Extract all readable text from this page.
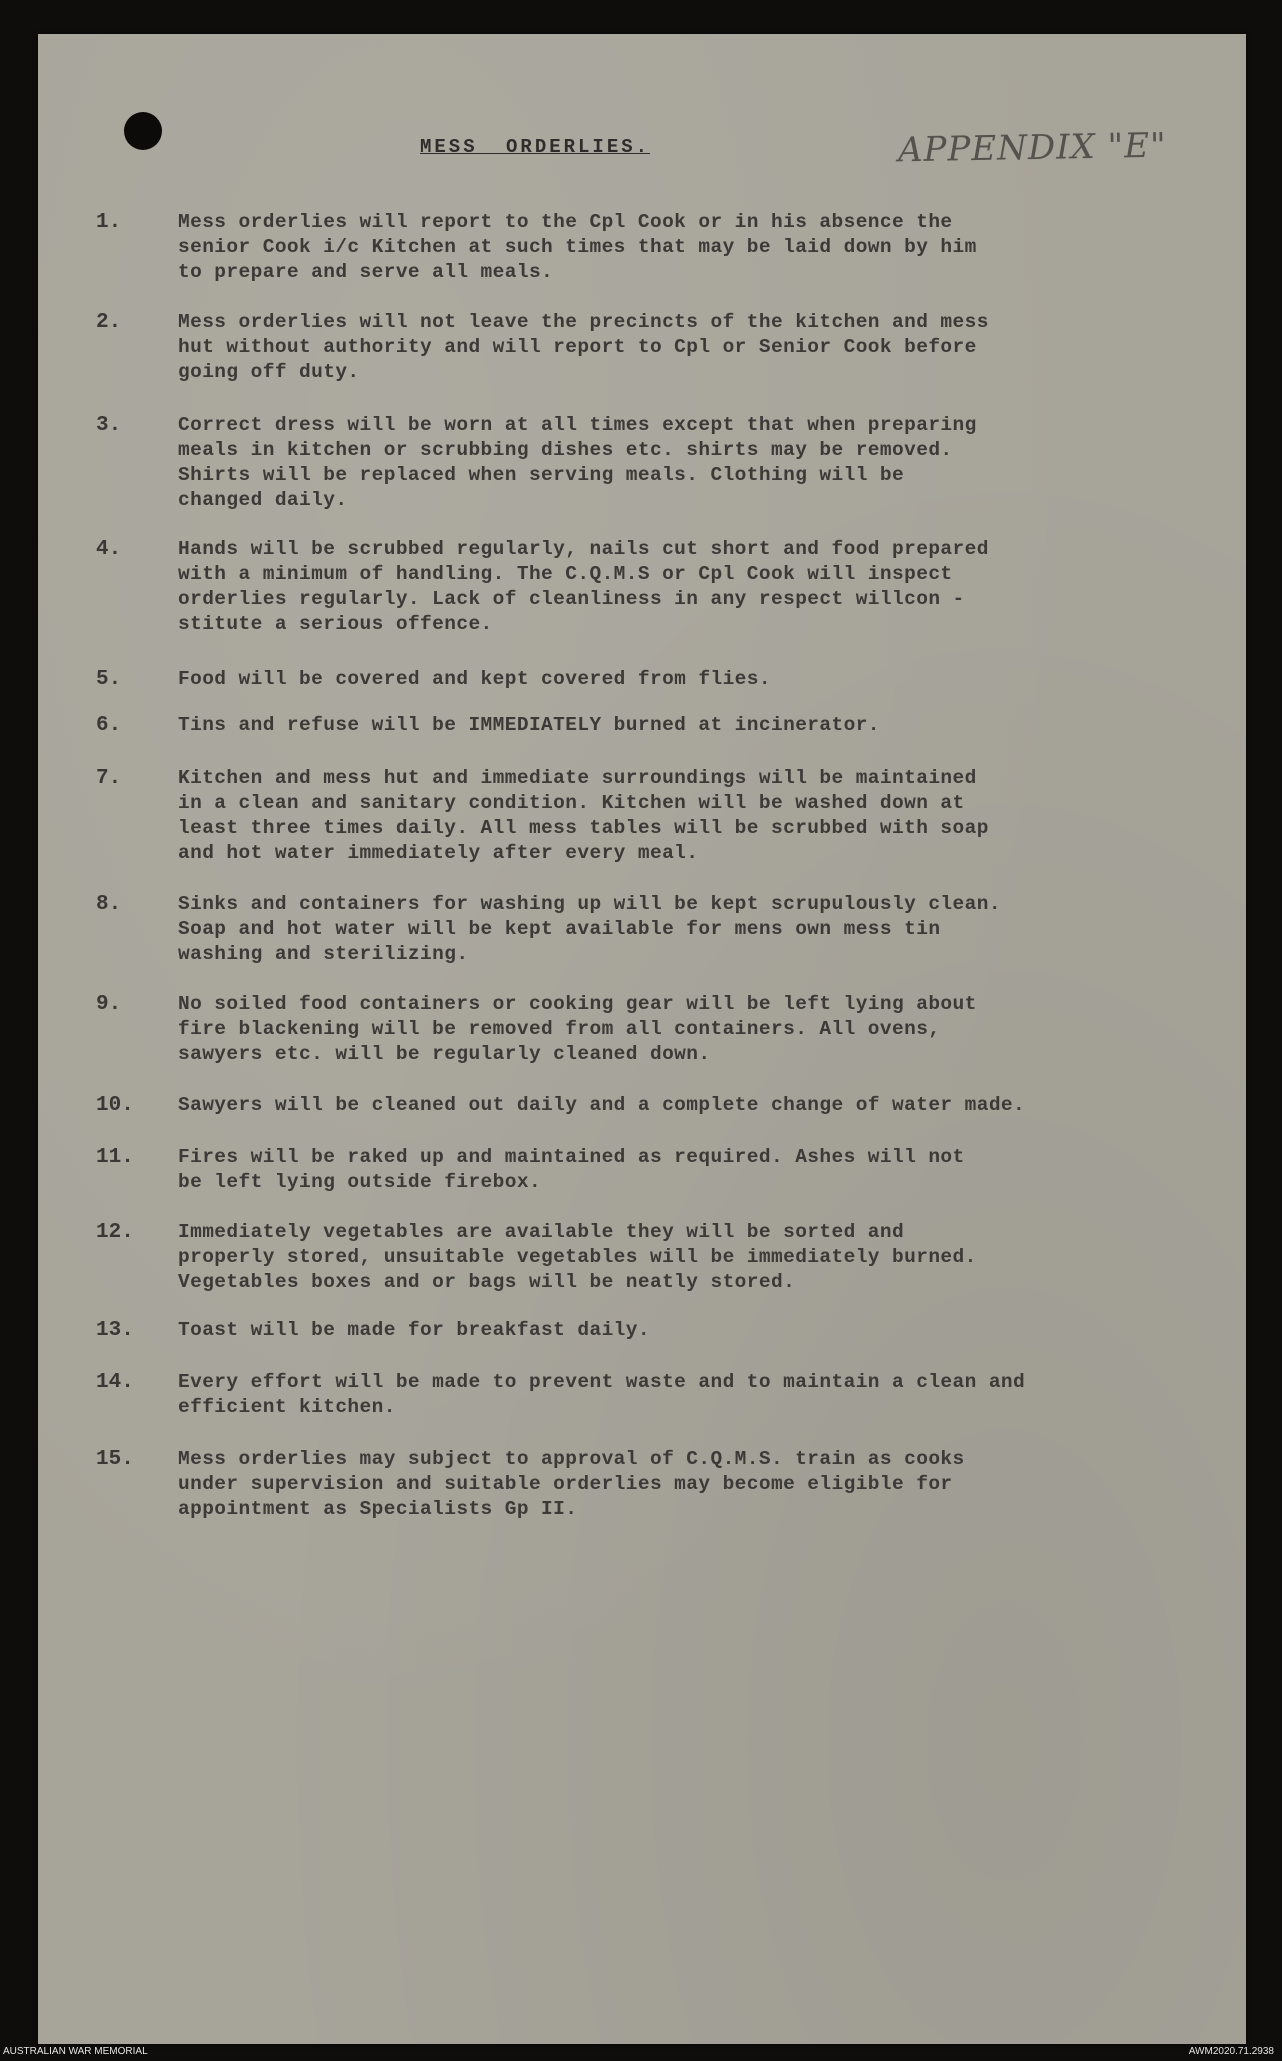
MESS ORDERLIES.	APPENDIX "E"
1.	Mess orderlies will report to the Cpl Cook or in his absence the
senior Cook i/c Kitchen at such times that may be laid down by him
to prepare and serve all meals.
2.	Mess orderlies will not leave the precincts of the kitchen and mess
hut without authority and will report to Cpl or Senior Cook before
going off duty.
3.	Correct dress will be worn at all times except that when preparing
meals in kitchen or scrubbing dishes etc. shirts may be removed.
Shirts will be replaced when serving meals. Clothing will be
changed daily.
4.	Hands will be scrubbed regularly, nails cut short and food prepared
with a minimum of handling. The C.Q.M.S or Cpl Cook will inspect
orderlies regularly. Lack of cleanliness in any respect willcon -
stitute a serious offence.
5.	Food will be covered and kept covered from flies.
6.	Tins and refuse will be IMMEDIATELY burned at incinerator.
7.	Kitchen and mess hut and immediate surroundings will be maintained
in a clean and sanitary condition. Kitchen will be washed down at
least three times daily. All mess tables will be scrubbed with soap
and hot water immediately after every meal.
8.	Sinks and containers for washing up will be kept scrupulously clean.
Soap and hot water will be kept available for mens own mess tin
washing and sterilizing.
9.	No soiled food containers or cooking gear will be left lying about
fire blackening will be removed from all containers. All ovens,
sawyers etc. will be regularly cleaned down.
10.	Sawyers will be cleaned out daily and a complete change of water made.
11.	Fires will be raked up and maintained as required. Ashes will not
be left lying outside firebox.
12.	Immediately vegetables are available they will be sorted and
properly stored, unsuitable vegetables will be immediately burned.
Vegetables boxes and or bags will be neatly stored.
13.	Toast will be made for breakfast daily.
14.	Every effort will be made to prevent waste and to maintain a clean and
efficient kitchen.
15.	Mess orderlies may subject to approval of C.Q.M.S. train as cooks
under supervision and suitable orderlies may become eligible for
appointment as Specialists Gp II.
AUSTRALIAN WAR MEMORIAL	AWM2020.71.2938
